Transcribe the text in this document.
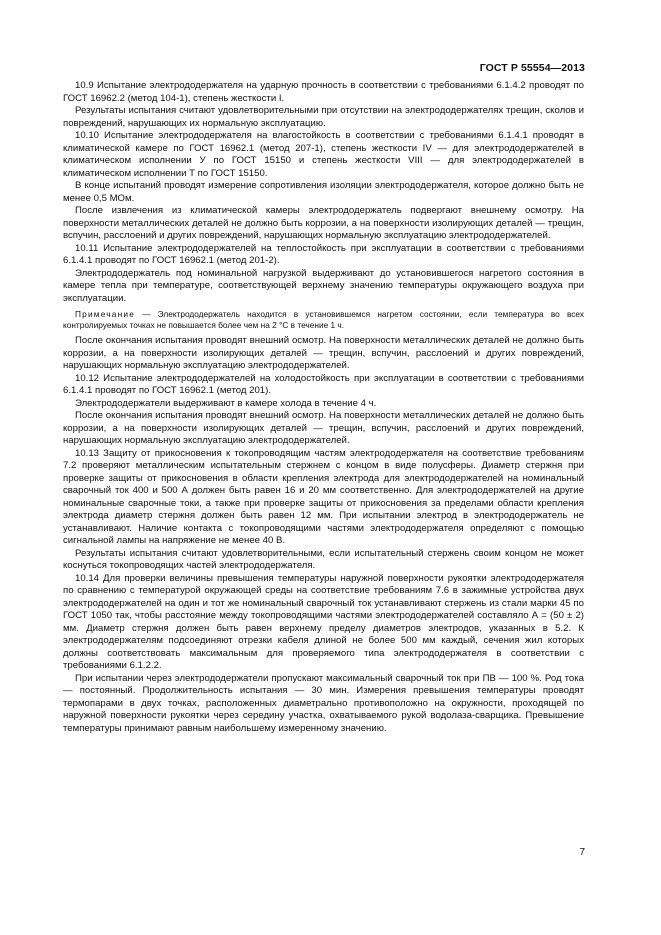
ГОСТ Р 55554—2013

10.9 Испытание электрододержателя на ударную прочность в соответствии с требованиями 6.1.4.2 проводят по ГОСТ 16962.2 (метод 104-1), степень жесткости I.

Результаты испытания считают удовлетворительными при отсутствии на электрододержателях трещин, сколов и повреждений, нарушающих их нормальную эксплуатацию.

10.10 Испытание электрододержателя на влагостойкость в соответствии с требованиями 6.1.4.1 проводят в климатической камере по ГОСТ 16962.1 (метод 207-1), степень жесткости IV — для электрододержателей в климатическом исполнении У по ГОСТ 15150 и степень жесткости VIII — для электрододержателей в климатическом исполнении Т по ГОСТ 15150.

В конце испытаний проводят измерение сопротивления изоляции электрододержателя, которое должно быть не менее 0,5 МОм.

После извлечения из климатической камеры электрододержатель подвергают внешнему осмотру. На поверхности металлических деталей не должно быть коррозии, а на поверхности изолирующих деталей — трещин, вспучин, расслоений и других повреждений, нарушающих нормальную эксплуатацию электрододержателей.

10.11 Испытание электрододержателей на теплостойкость при эксплуатации в соответствии с требованиями 6.1.4.1 проводят по ГОСТ 16962.1 (метод 201-2).

Электрододержатель под номинальной нагрузкой выдерживают до установившегося нагретого состояния в камере тепла при температуре, соответствующей верхнему значению температуры окружающего воздуха при эксплуатации.

Примечание — Электрододержатель находится в установившемся нагретом состоянии, если температура во всех контролируемых точках не повышается более чем на 2 °С в течение 1 ч.

После окончания испытания проводят внешний осмотр. На поверхности металлических деталей не должно быть коррозии, а на поверхности изолирующих деталей — трещин, вспучин, расслоений и других повреждений, нарушающих нормальную эксплуатацию электрододержателей.

10.12 Испытание электрододержателей на холодостойкость при эксплуатации в соответствии с требованиями 6.1.4.1 проводят по ГОСТ 16962.1 (метод 201).

Электрододержатели выдерживают в камере холода в течение 4 ч.

После окончания испытания проводят внешний осмотр. На поверхности металлических деталей не должно быть коррозии, а на поверхности изолирующих деталей — трещин, вспучин, расслоений и других повреждений, нарушающих нормальную эксплуатацию электрододержателей.

10.13 Защиту от прикосновения к токопроводящим частям электрододержателя на соответствие требованиям 7.2 проверяют металлическим испытательным стержнем с концом в виде полусферы. Диаметр стержня при проверке защиты от прикосновения в области крепления электрода для электрододержателей на номинальный сварочный ток 400 и 500 А должен быть равен 16 и 20 мм соответственно. Для электрододержателей на другие номинальные сварочные токи, а также при проверке защиты от прикосновения за пределами области крепления электрода диаметр стержня должен быть равен 12 мм. При испытании электрод в электрододержатель не устанавливают. Наличие контакта с токопроводящими частями электрододержателя определяют с помощью сигнальной лампы на напряжение не менее 40 В.

Результаты испытания считают удовлетворительными, если испытательный стержень своим концом не может коснуться токопроводящих частей электрододержателя.

10.14 Для проверки величины превышения температуры наружной поверхности рукоятки электрододержателя по сравнению с температурой окружающей среды на соответствие требованиям 7.6 в зажимные устройства двух электрододержателей на один и тот же номинальный сварочный ток устанавливают стержень из стали марки 45 по ГОСТ 1050 так, чтобы расстояние между токопроводящими частями электрододержателей составляло А = (50 ± 2) мм. Диаметр стержня должен быть равен верхнему пределу диаметров электродов, указанных в 5.2. К электрододержателям подсоединяют отрезки кабеля длиной не более 500 мм каждый, сечения жил которых должны соответствовать максимальным для проверяемого типа электрододержателя в соответствии с требованиями 6.1.2.2.

При испытании через электрододержатели пропускают максимальный сварочный ток при ПВ — 100 %. Род тока — постоянный. Продолжительность испытания — 30 мин. Измерения превышения температуры проводят термопарами в двух точках, расположенных диаметрально противоположно на окружности, проходящей по наружной поверхности рукоятки через середину участка, охватываемого рукой водолаза-сварщика. Превышение температуры принимают равным наибольшему измеренному значению.

7
